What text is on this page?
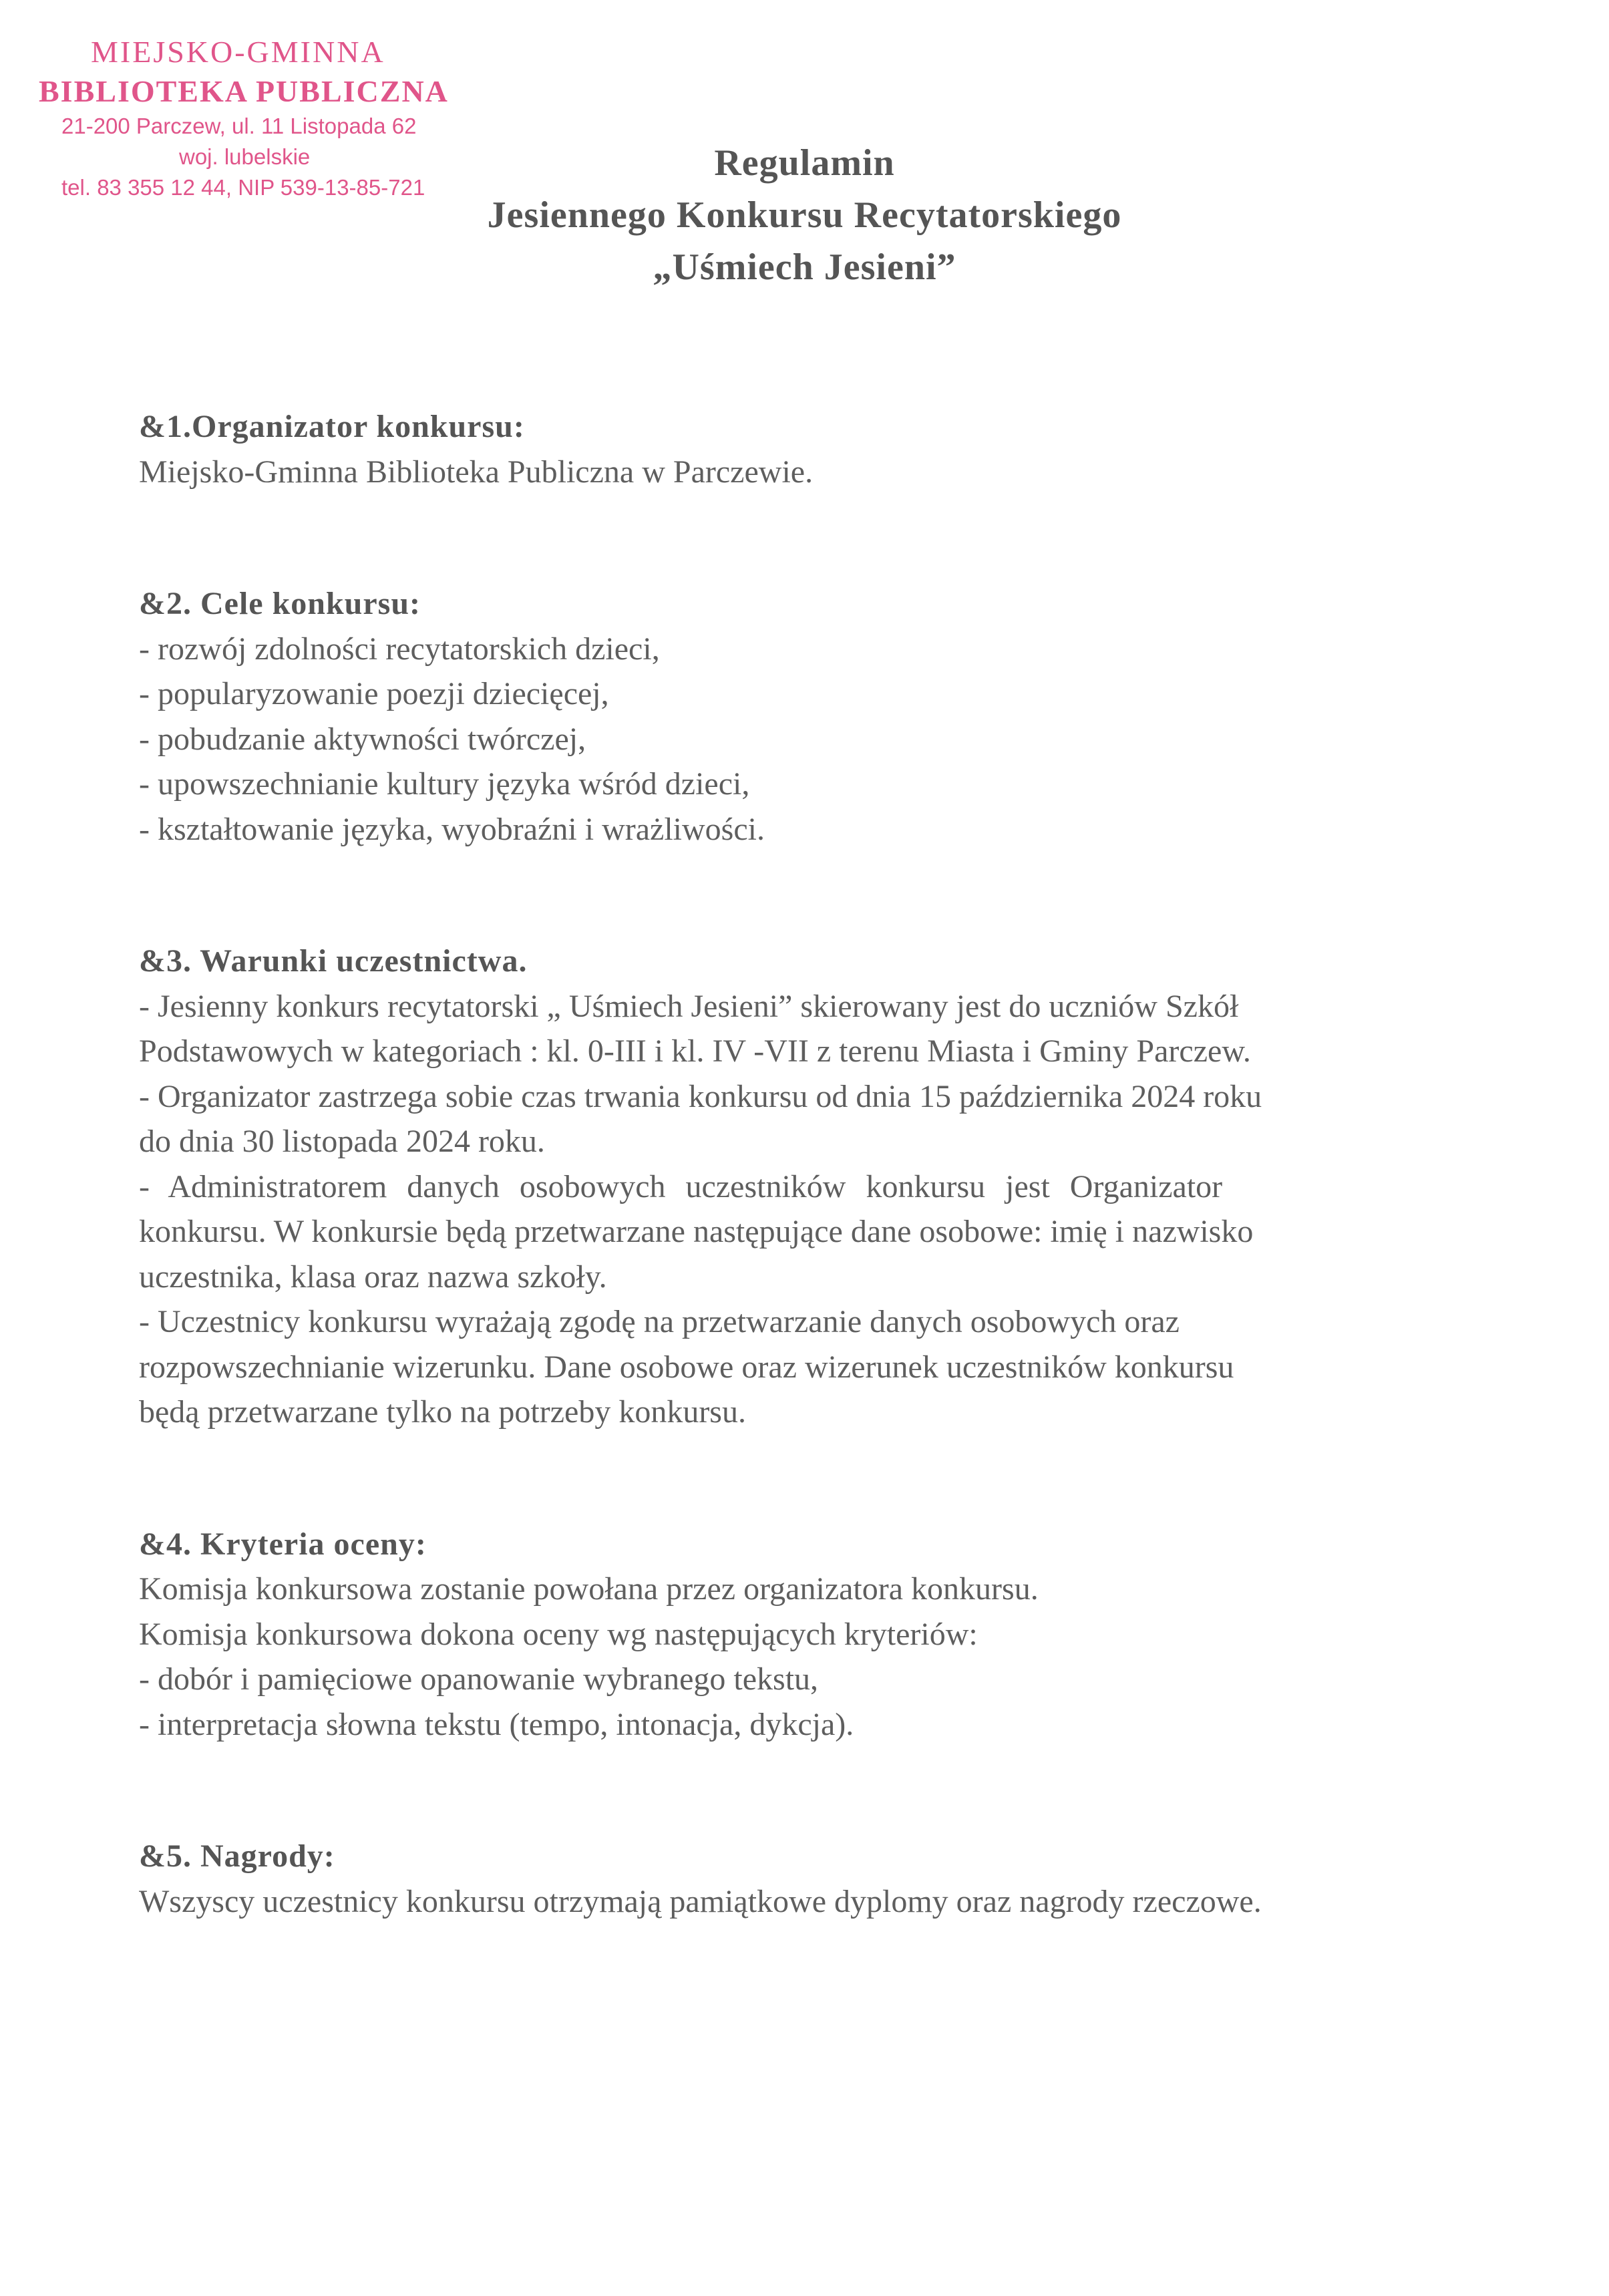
MIEJSKO-GMINNA
BIBLIOTEKA PUBLICZNA
21-200 Parczew, ul. 11 Listopada 62
woj. lubelskie
tel. 83 355 12 44, NIP 539-13-85-721
Regulamin
Jesiennego Konkursu Recytatorskiego
„Uśmiech Jesieni”
&1.Organizator konkursu:
Miejsko-Gminna Biblioteka Publiczna w Parczewie.
&2. Cele konkursu:
- rozwój zdolności recytatorskich dzieci,
- popularyzowanie poezji dziecięcej,
- pobudzanie aktywności twórczej,
- upowszechnianie kultury języka wśród dzieci,
- kształtowanie języka, wyobraźni i wrażliwości.
&3. Warunki uczestnictwa.
- Jesienny konkurs recytatorski „ Uśmiech Jesieni” skierowany jest do uczniów Szkół
Podstawowych w kategoriach : kl. 0-III i kl. IV -VII z terenu Miasta i Gminy Parczew.
- Organizator zastrzega sobie czas trwania konkursu od dnia 15 października 2024 roku
do dnia 30 listopada 2024 roku.
- Administratorem danych osobowych uczestników konkursu jest Organizator
konkursu. W konkursie będą przetwarzane następujące dane osobowe: imię i nazwisko
uczestnika, klasa oraz nazwa szkoły.
- Uczestnicy konkursu wyrażają zgodę na przetwarzanie danych osobowych oraz
rozpowszechnianie wizerunku. Dane osobowe oraz wizerunek uczestników konkursu
będą przetwarzane tylko na potrzeby konkursu.
&4. Kryteria oceny:
Komisja konkursowa zostanie powołana przez organizatora konkursu.
Komisja konkursowa dokona oceny wg następujących kryteriów:
- dobór i pamięciowe opanowanie wybranego tekstu,
- interpretacja słowna tekstu (tempo, intonacja, dykcja).
&5. Nagrody:
Wszyscy uczestnicy konkursu otrzymają pamiątkowe dyplomy oraz nagrody rzeczowe.
